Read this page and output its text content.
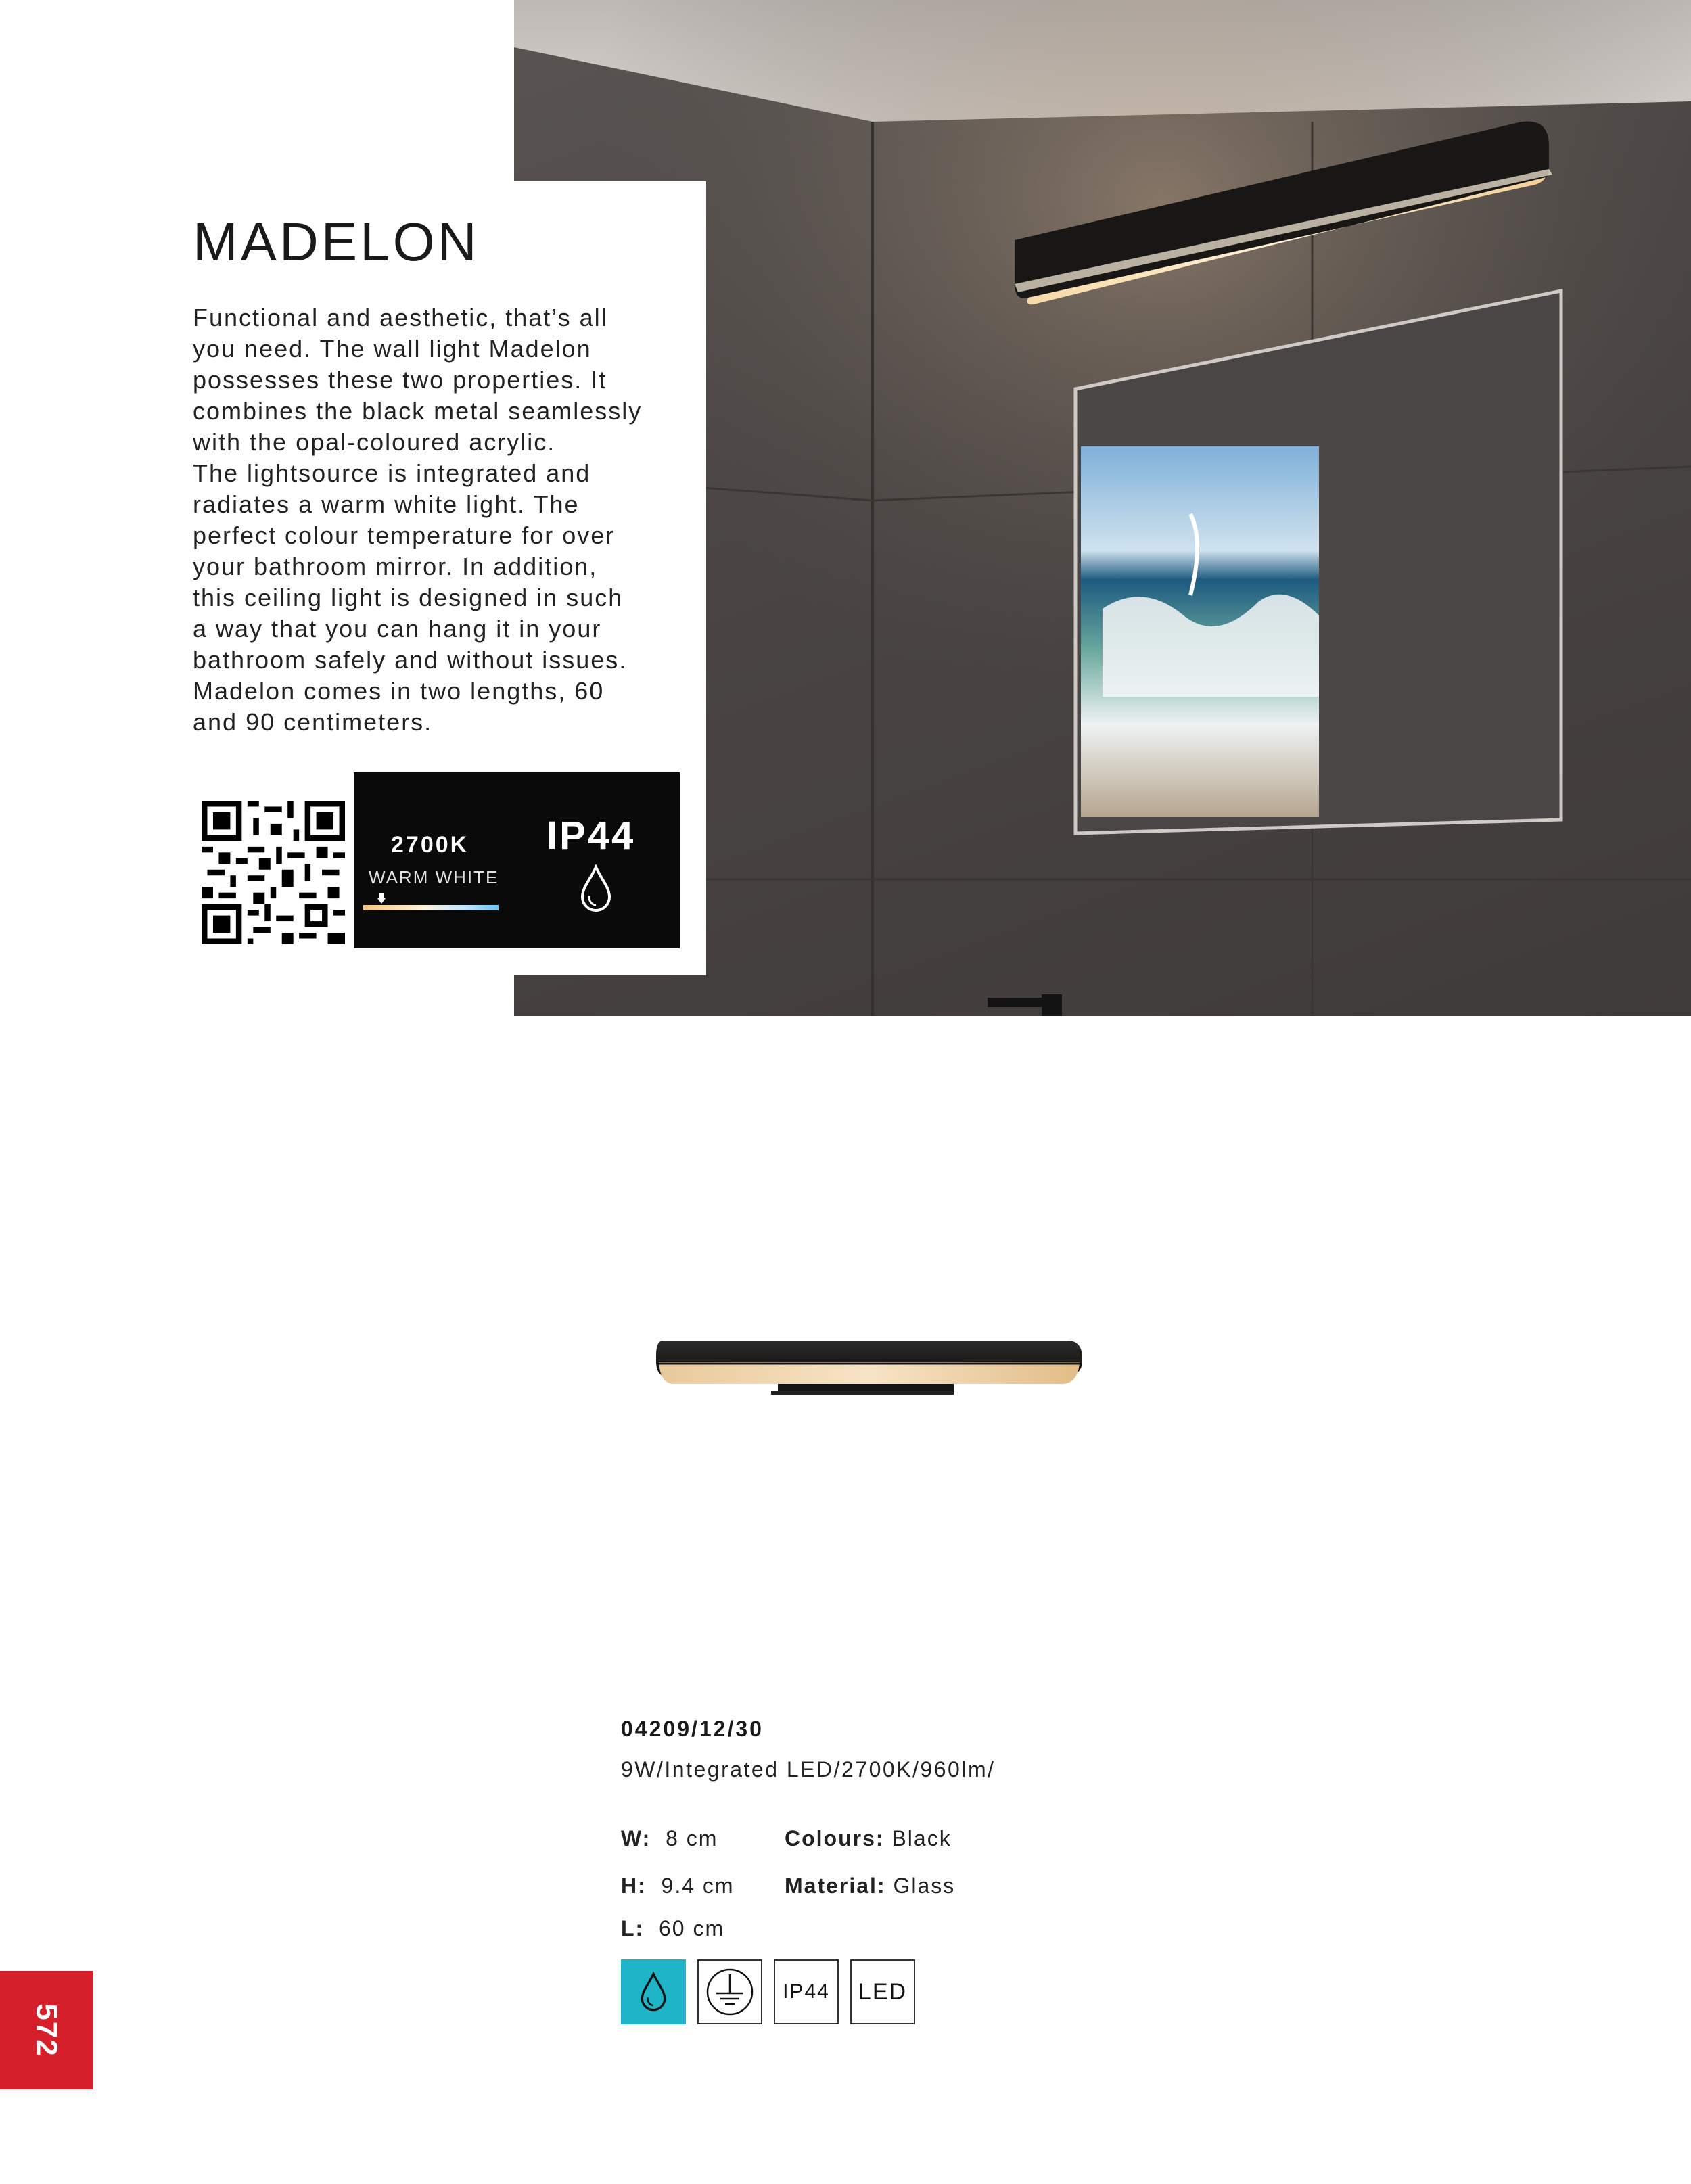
MADELON

Functional and aesthetic, that’s all
you need. The wall light Madelon
possesses these two properties. It
combines the black metal seamlessly
with the opal-coloured acrylic.
The lightsource is integrated and
radiates a warm white light. The
perfect colour temperature for over
your bathroom mirror. In addition,
this ceiling light is designed in such
a way that you can hang it in your
bathroom safely and without issues.
Madelon comes in two lengths, 60
and 90 centimeters.

2700K
WARM WHITE
IP44
04209/12/30
9W/Integrated LED/2700K/960lm/
W: 8 cm
H: 9.4 cm
L: 60 cm
Colours: Black
Material: Glass
IP44 LED
572
